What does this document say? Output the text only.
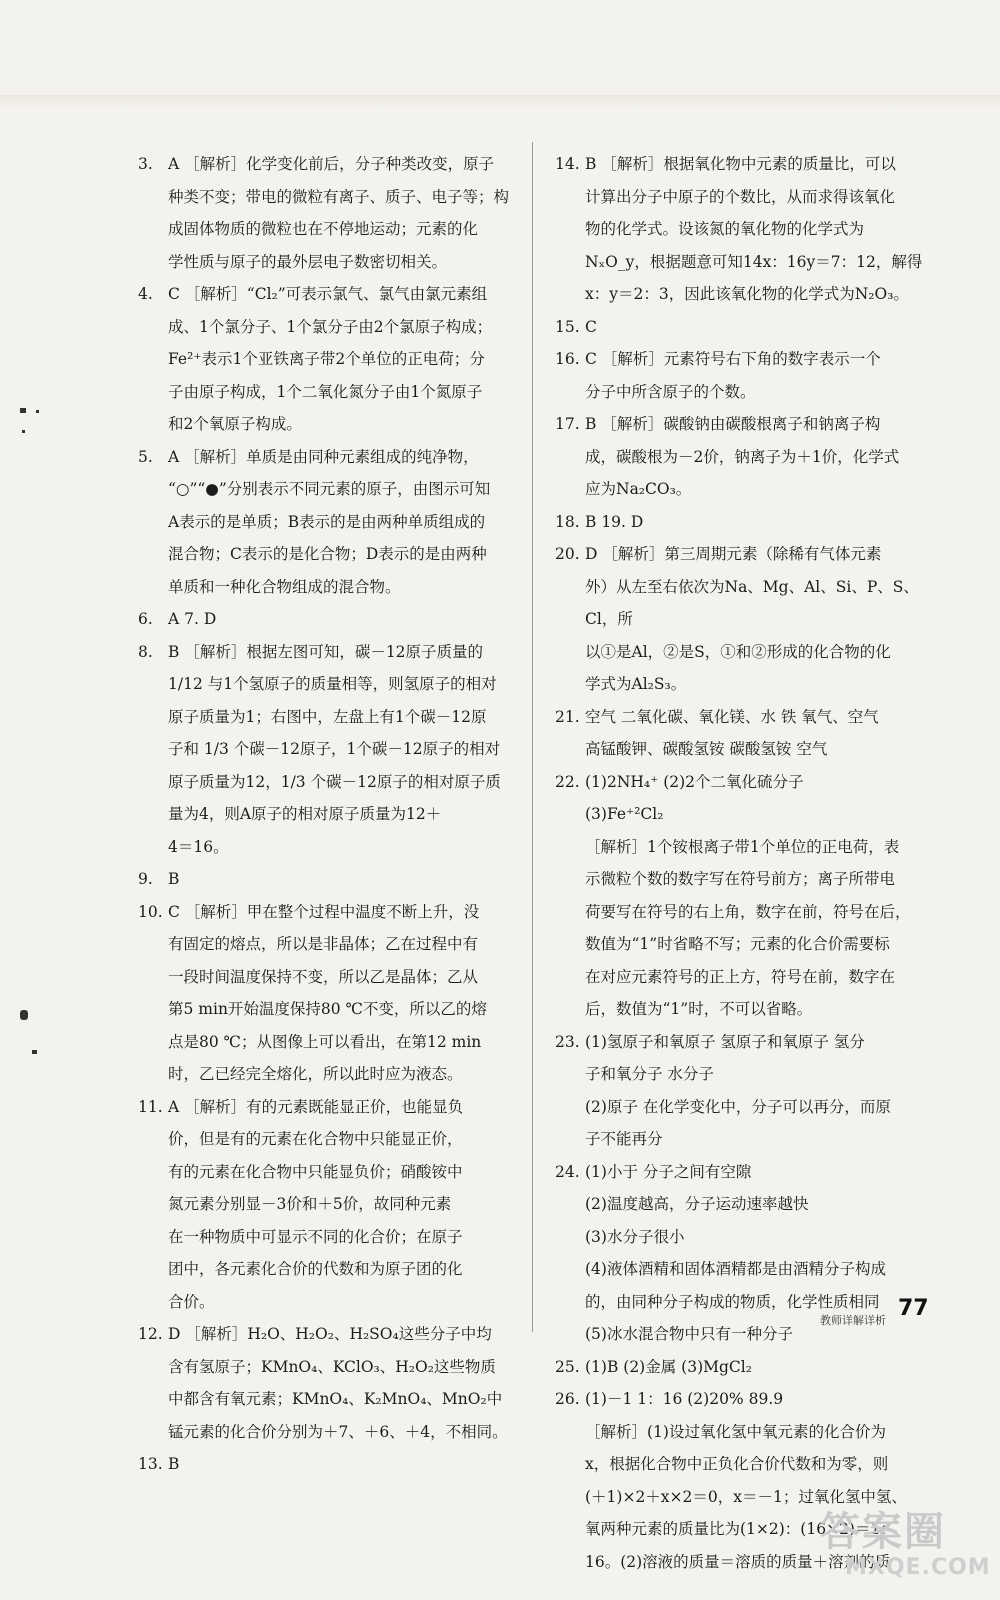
3. A ［解析］化学变化前后，分子种类改变，原子
种类不变；带电的微粒有离子、质子、电子等；构
成固体物质的微粒也在不停地运动；元素的化
学性质与原子的最外层电子数密切相关。
4. C ［解析］“Cl₂”可表示氯气、氯气由氯元素组
成、1个氯分子、1个氯分子由2个氯原子构成；
Fe²⁺表示1个亚铁离子带2个单位的正电荷；分
子由原子构成，1个二氧化氮分子由1个氮原子
和2个氧原子构成。
5. A ［解析］单质是由同种元素组成的纯净物，
“○”“●”分别表示不同元素的原子，由图示可知
A表示的是单质；B表示的是由两种单质组成的
混合物；C表示的是化合物；D表示的是由两种
单质和一种化合物组成的混合物。
6. A 7. D
8. B ［解析］根据左图可知，碳－12原子质量的
1/12 与1个氢原子的质量相等，则氢原子的相对
原子质量为1；右图中，左盘上有1个碳－12原
子和 1/3 个碳－12原子，1个碳－12原子的相对
原子质量为12，1/3 个碳－12原子的相对原子质
量为4，则A原子的相对原子质量为12＋
4＝16。
9. B
10. C ［解析］甲在整个过程中温度不断上升，没
有固定的熔点，所以是非晶体；乙在过程中有
一段时间温度保持不变，所以乙是晶体；乙从
第5 min开始温度保持80 ℃不变，所以乙的熔
点是80 ℃；从图像上可以看出，在第12 min
时，乙已经完全熔化，所以此时应为液态。
11. A ［解析］有的元素既能显正价，也能显负
价，但是有的元素在化合物中只能显正价，
有的元素在化合物中只能显负价；硝酸铵中
氮元素分别显－3价和＋5价，故同种元素
在一种物质中可显示不同的化合价；在原子
团中，各元素化合价的代数和为原子团的化
合价。
12. D ［解析］H₂O、H₂O₂、H₂SO₄这些分子中均
含有氢原子；KMnO₄、KClO₃、H₂O₂这些物质
中都含有氧元素；KMnO₄、K₂MnO₄、MnO₂中
锰元素的化合价分别为＋7、＋6、＋4，不相同。
13. B
14. B ［解析］根据氧化物中元素的质量比，可以
计算出分子中原子的个数比，从而求得该氧化
物的化学式。设该氮的氧化物的化学式为
NₓO_y，根据题意可知14x：16y＝7：12，解得
x：y＝2：3，因此该氧化物的化学式为N₂O₃。
15. C
16. C ［解析］元素符号右下角的数字表示一个
分子中所含原子的个数。
17. B ［解析］碳酸钠由碳酸根离子和钠离子构
成，碳酸根为－2价，钠离子为＋1价，化学式
应为Na₂CO₃。
18. B 19. D
20. D ［解析］第三周期元素（除稀有气体元素
外）从左至右依次为Na、Mg、Al、Si、P、S、Cl，所
以①是Al，②是S，①和②形成的化合物的化
学式为Al₂S₃。
21. 空气 二氧化碳、氧化镁、水 铁 氧气、空气
高锰酸钾、碳酸氢铵 碳酸氢铵 空气
22. (1)2NH₄⁺ (2)2个二氧化硫分子
(3)Fe⁺²Cl₂
［解析］1个铵根离子带1个单位的正电荷，表
示微粒个数的数字写在符号前方；离子所带电
荷要写在符号的右上角，数字在前，符号在后，
数值为“1”时省略不写；元素的化合价需要标
在对应元素符号的正上方，符号在前，数字在
后，数值为“1”时，不可以省略。
23. (1)氢原子和氧原子 氢原子和氧原子 氢分
子和氧分子 水分子
(2)原子 在化学变化中，分子可以再分，而原
子不能再分
24. (1)小于 分子之间有空隙
(2)温度越高，分子运动速率越快
(3)水分子很小
(4)液体酒精和固体酒精都是由酒精分子构成
的，由同种分子构成的物质，化学性质相同
(5)冰水混合物中只有一种分子
25. (1)B (2)金属 (3)MgCl₂
26. (1)－1 1：16 (2)20% 89.9
［解析］(1)设过氧化氢中氧元素的化合价为
x，根据化合物中正负化合价代数和为零，则
(＋1)×2＋x×2＝0，x＝－1；过氧化氢中氢、
氧两种元素的质量比为(1×2)：(16×2)＝1：
16。(2)溶液的质量＝溶质的质量＋溶剂的质
教师详解详析 77
答案圈
MXQE.COM
